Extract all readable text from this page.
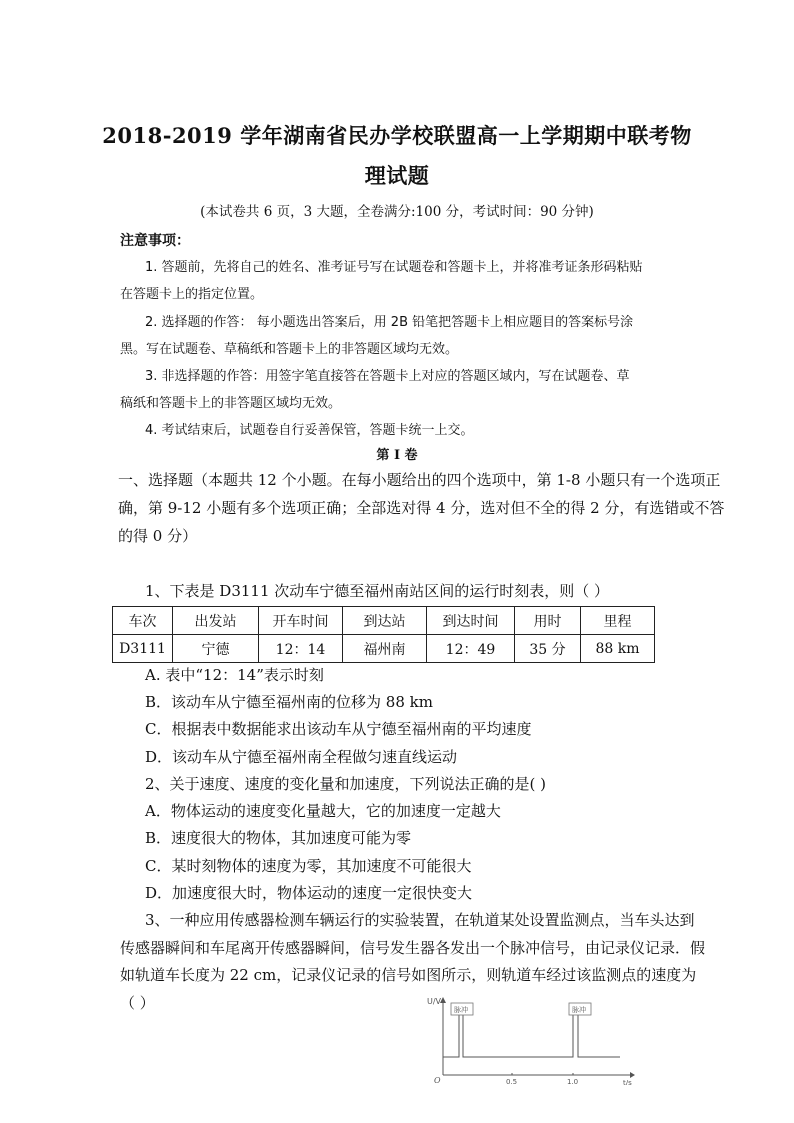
2018-2019 学年湖南省民办学校联盟高一上学期期中联考物
理试题
(本试卷共 6 页，3 大题，全卷满分:100 分，考试时间：90 分钟)
注意事项：
1. 答题前，先将自己的姓名、准考证号写在试题卷和答题卡上，并将准考证条形码粘贴
在答题卡上的指定位置。
2. 选择题的作答： 每小题选出答案后，用 2B 铅笔把答题卡上相应题目的答案标号涂
黑。写在试题卷、草稿纸和答题卡上的非答题区域均无效。
3. 非选择题的作答：用签字笔直接答在答题卡上对应的答题区域内，写在试题卷、草
稿纸和答题卡上的非答题区域均无效。
4. 考试结束后，试题卷自行妥善保管，答题卡统一上交。
第 I 卷
一、选择题（本题共 12 个小题。在每小题给出的四个选项中，第 1-8 小题只有一个选项正
确，第 9-12 小题有多个选项正确；全部选对得 4 分，选对但不全的得 2 分，有选错或不答
的得 0 分）
1、下表是 D3111 次动车宁德至福州南站区间的运行时刻表，则（ ）
车次	出发站	开车时间	到达站	到达时间	用时	里程
D3111	宁德	12：14	福州南	12：49	35 分	88 km
A. 表中“12：14”表示时刻
B．该动车从宁德至福州南的位移为 88 km
C．根据表中数据能求出该动车从宁德至福州南的平均速度
D．该动车从宁德至福州南全程做匀速直线运动
2、关于速度、速度的变化量和加速度，下列说法正确的是( )
A．物体运动的速度变化量越大，它的加速度一定越大
B．速度很大的物体，其加速度可能为零
C．某时刻物体的速度为零，其加速度不可能很大
D．加速度很大时，物体运动的速度一定很快变大
3、一种应用传感器检测车辆运行的实验装置，在轨道某处设置监测点，当车头达到
传感器瞬间和车尾离开传感器瞬间，信号发生器各发出一个脉冲信号，由记录仪记录．假
如轨道车长度为 22 cm，记录仪记录的信号如图所示，则轨道车经过该监测点的速度为
（ ）	U/V
t/s
O	0.5	1.0
脉冲	脉冲
